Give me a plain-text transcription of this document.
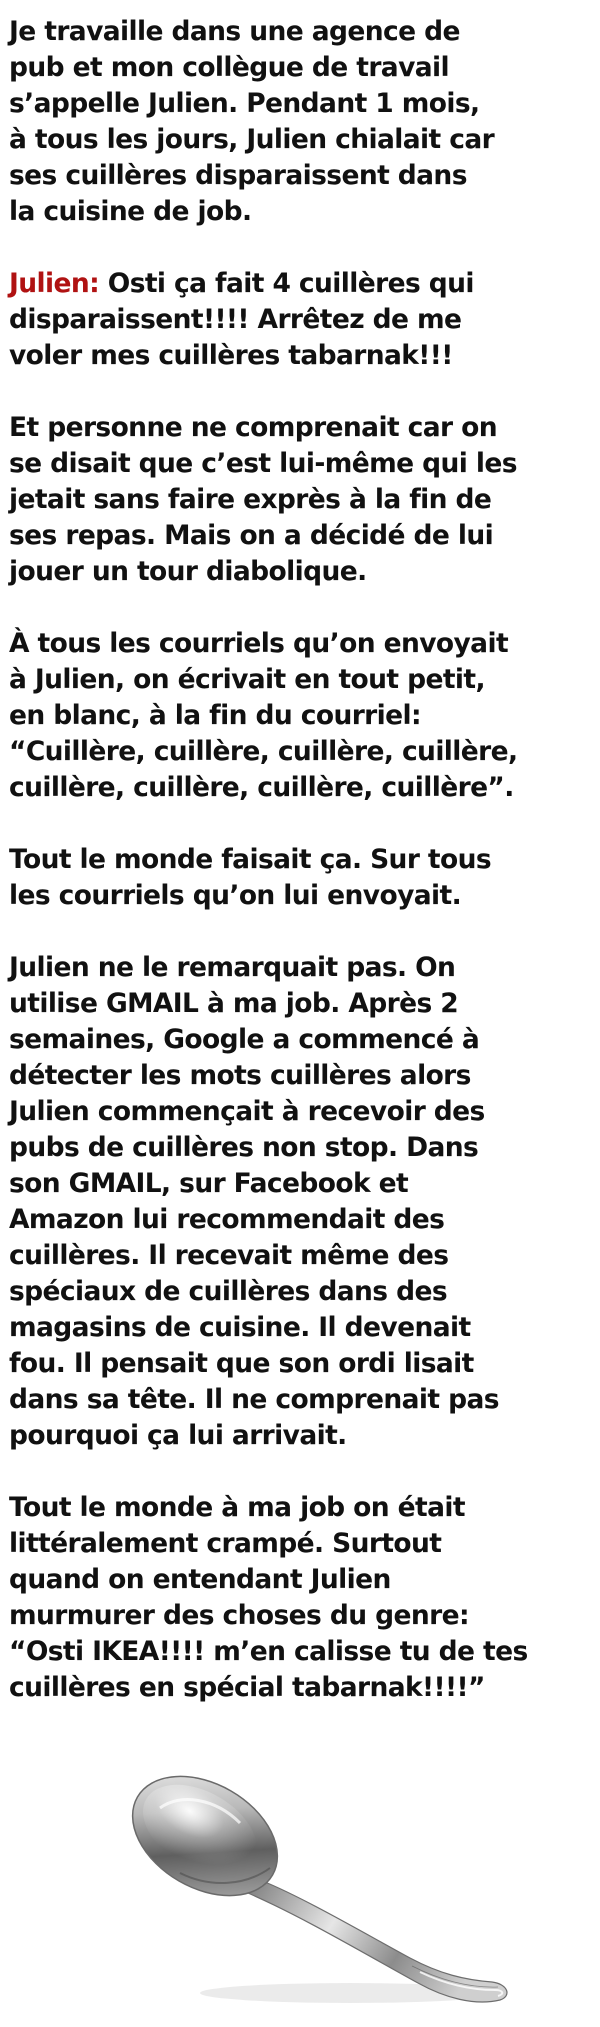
Je travaille dans une agence de
pub et mon collègue de travail
s’appelle Julien. Pendant 1 mois,
à tous les jours, Julien chialait car
ses cuillères disparaissent dans
la cuisine de job.

Julien: Osti ça fait 4 cuillères qui
disparaissent!!!! Arrêtez de me
voler mes cuillères tabarnak!!!

Et personne ne comprenait car on
se disait que c’est lui-même qui les
jetait sans faire exprès à la fin de
ses repas. Mais on a décidé de lui
jouer un tour diabolique.

À tous les courriels qu’on envoyait
à Julien, on écrivait en tout petit,
en blanc, à la fin du courriel:
“Cuillère, cuillère, cuillère, cuillère,
cuillère, cuillère, cuillère, cuillère”.

Tout le monde faisait ça. Sur tous
les courriels qu’on lui envoyait.

Julien ne le remarquait pas. On
utilise GMAIL à ma job. Après 2
semaines, Google a commencé à
détecter les mots cuillères alors
Julien commençait à recevoir des
pubs de cuillères non stop. Dans
son GMAIL, sur Facebook et
Amazon lui recommendait des
cuillères. Il recevait même des
spéciaux de cuillères dans des
magasins de cuisine. Il devenait
fou. Il pensait que son ordi lisait
dans sa tête. Il ne comprenait pas
pourquoi ça lui arrivait.

Tout le monde à ma job on était
littéralement crampé. Surtout
quand on entendant Julien
murmurer des choses du genre:
“Osti IKEA!!!! m’en calisse tu de tes
cuillères en spécial tabarnak!!!!”
